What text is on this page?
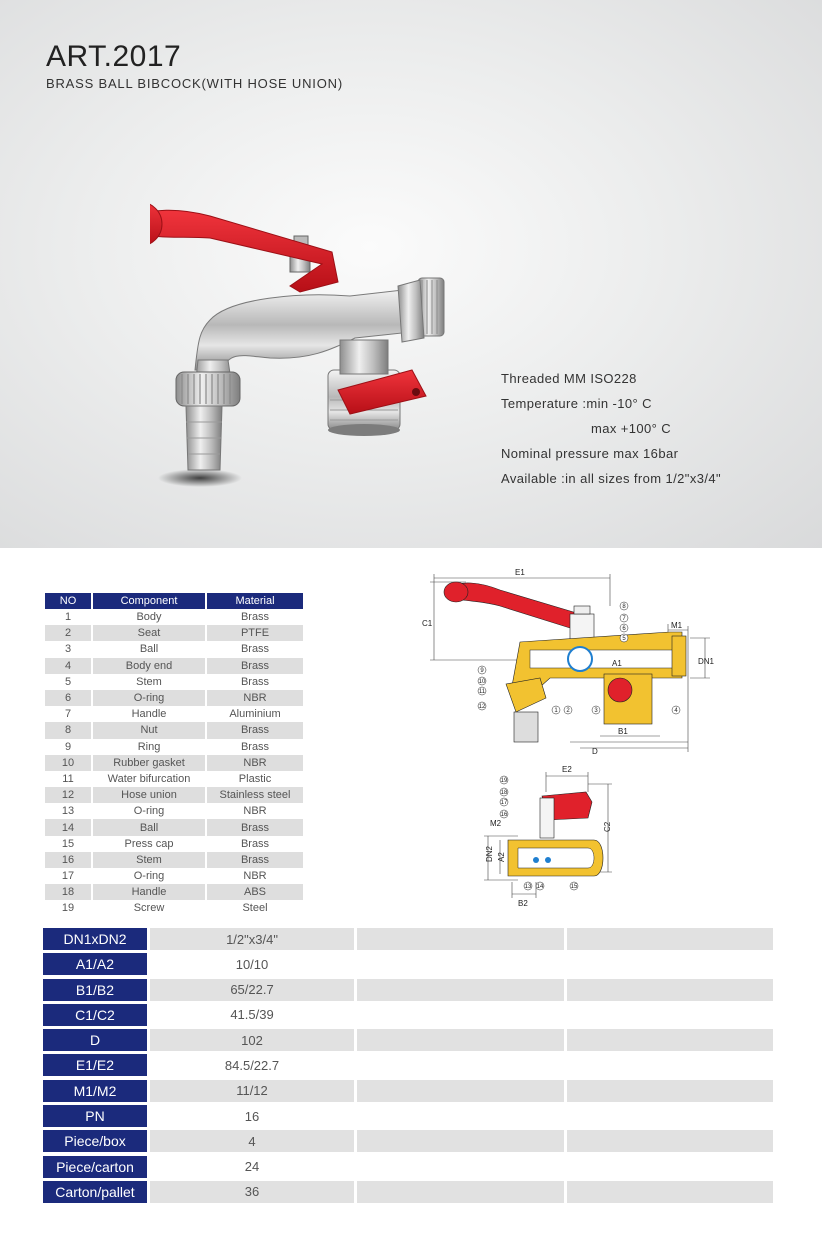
ART.2017
BRASS BALL BIBCOCK(WITH HOSE UNION)
Threaded MM ISO228
Temperature :min -10° C
max +100° C
Nominal pressure max 16bar
Available :in all sizes from 1/2"x3/4"
NO	Component	Material
1	Body	Brass
2	Seat	PTFE
3	Ball	Brass
4	Body end	Brass
5	Stem	Brass
6	O-ring	NBR
7	Handle	Aluminium
8	Nut	Brass
9	Ring	Brass
10	Rubber gasket	NBR
11	Water bifurcation	Plastic
12	Hose union	Stainless steel
13	O-ring	NBR
14	Ball	Brass
15	Press cap	Brass
16	Stem	Brass
17	O-ring	NBR
18	Handle	ABS
19	Screw	Steel
E1
C1	M1
DN1
A1
B1
D
8
7
6
5
9
10
11
12
1 2	3	4
E2
C2
M2
DN2 A2
B2
19
18
17
16
15
13 14
DN1xDN2	1/2"x3/4"
A1/A2	10/10
B1/B2	65/22.7
C1/C2	41.5/39
D	102
E1/E2	84.5/22.7
M1/M2	11/12
PN	16
Piece/box	4
Piece/carton	24
Carton/pallet	36
